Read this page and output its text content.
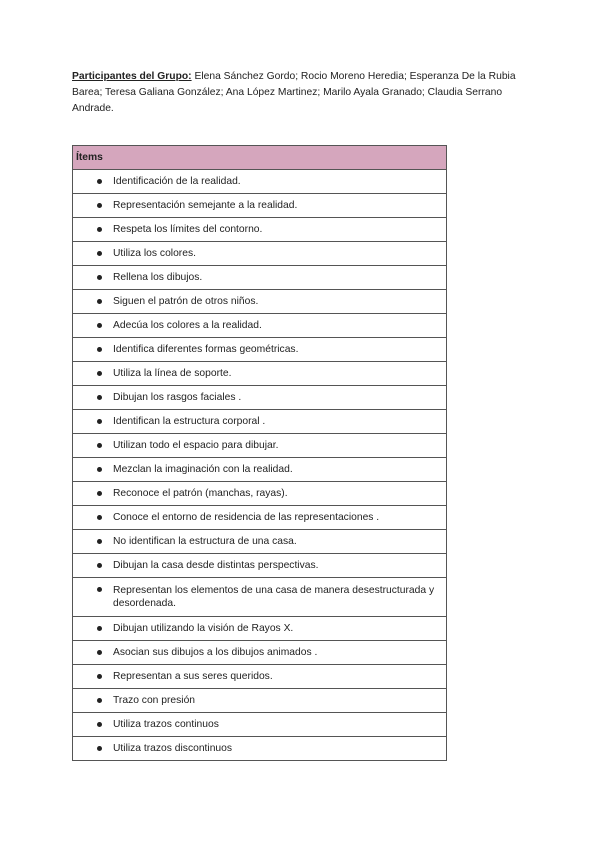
Participantes del Grupo: Elena Sánchez Gordo; Rocio Moreno Heredia; Esperanza De la Rubia Barea; Teresa Galiana González; Ana López Martinez; Marilo Ayala Granado; Claudia Serrano Andrade.
Ítems

Identificación de la realidad.

Representación semejante a la realidad.

Respeta los límites del contorno.

Utiliza los colores.

Rellena los dibujos.

Siguen el patrón de otros niños.

Adecúa los colores a la realidad.

Identifica diferentes formas geométricas.

Utiliza la línea de soporte.

Dibujan los rasgos faciales .

Identifican la estructura corporal .

Utilizan todo el espacio para dibujar.

Mezclan la imaginación con la realidad.

Reconoce el patrón (manchas, rayas).

Conoce el entorno de residencia de las representaciones .

No identifican la estructura de una casa.

Dibujan la casa desde distintas perspectivas.

Representan los elementos de una casa de manera desestructurada y desordenada.

Dibujan utilizando la visión de Rayos X.

Asocian sus dibujos a los dibujos animados .

Representan a sus seres queridos.

Trazo con presión

Utiliza trazos continuos

Utiliza trazos discontinuos
